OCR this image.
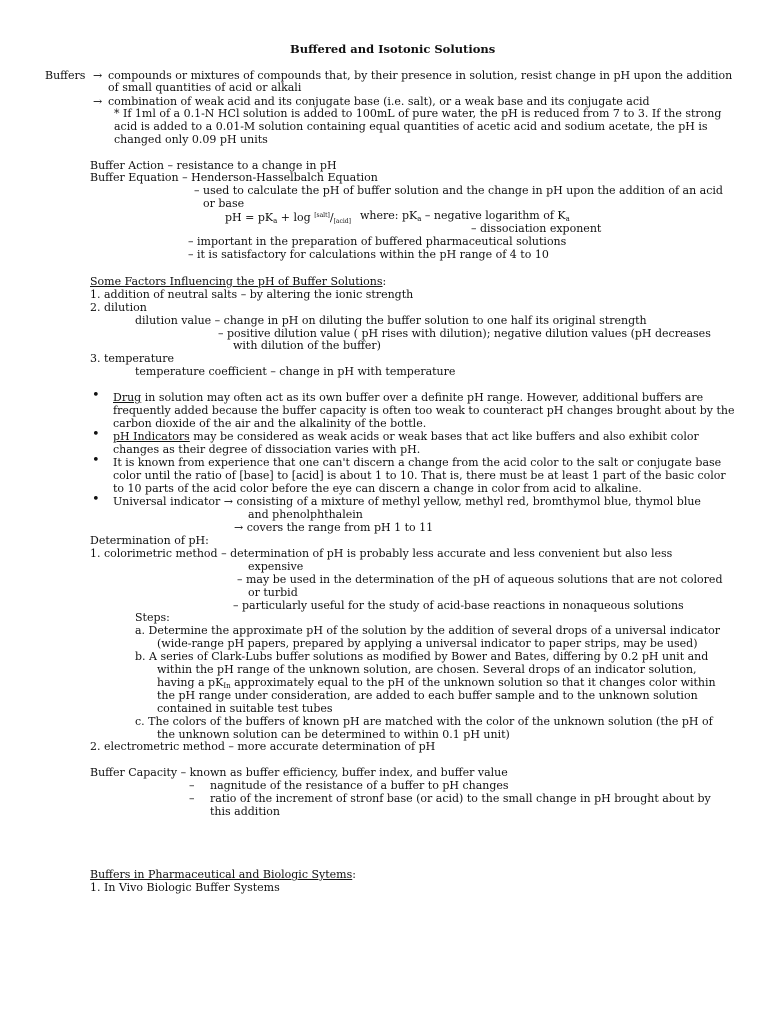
Buffered and Isotonic Solutions
Buffers → compounds or mixtures of compounds that, by their presence in solution, resist change in pH upon the addition
of small quantities of acid or alkali
→ combination of weak acid and its conjugate base (i.e. salt), or a weak base and its conjugate acid
* If 1ml of a 0.1-N HCl solution is added to 100mL of pure water, the pH is reduced from 7 to 3. If the strong
acid is added to a 0.01-M solution containing equal quantities of acetic acid and sodium acetate, the pH is
changed only 0.09 pH units
Buffer Action – resistance to a change in pH
Buffer Equation – Henderson-Hasselbalch Equation
– used to calculate the pH of buffer solution and the change in pH upon the addition of an acid
or base
pH = $pK_a + \log [salt]/_{[acid]}$ where: $pK_a$ – negative logarithm of $K_a$
– dissociation exponent
– important in the preparation of buffered pharmaceutical solutions
– it is satisfactory for calculations within the pH range of 4 to 10
Some Factors Influencing the pH of Buffer Solutions:
1. addition of neutral salts – by altering the ionic strength
2. dilution
dilution value – change in pH on diluting the buffer solution to one half its original strength
– positive dilution value ( pH rises with dilution); negative dilution values (pH decreases
with dilution of the buffer)
3. temperature
temperature coefficient – change in pH with temperature
• Drug in solution may often act as its own buffer over a definite pH range. However, additional buffers are
frequently added because the buffer capacity is often too weak to counteract pH changes brought about by the
carbon dioxide of the air and the alkalinity of the bottle.
• pH Indicators may be considered as weak acids or weak bases that act like buffers and also exhibit color
changes as their degree of dissociation varies with pH.
• It is known from experience that one can't discern a change from the acid color to the salt or conjugate base
color until the ratio of [base] to [acid] is about 1 to 10. That is, there must be at least 1 part of the basic color
to 10 parts of the acid color before the eye can discern a change in color from acid to alkaline.
• Universal indicator → consisting of a mixture of methyl yellow, methyl red, bromthymol blue, thymol blue
and phenolphthalein
→ covers the range from pH 1 to 11
Determination of pH:
1. colorimetric method – determination of pH is probably less accurate and less convenient but also less
expensive
– may be used in the determination of the pH of aqueous solutions that are not colored
or turbid
– particularly useful for the study of acid-base reactions in nonaqueous solutions
Steps:
a. Determine the approximate pH of the solution by the addition of several drops of a universal indicator
(wide-range pH papers, prepared by applying a universal indicator to paper strips, may be used)
b. A series of Clark-Lubs buffer solutions as modified by Bower and Bates, differing by 0.2 pH unit and
within the pH range of the unknown solution, are chosen. Several drops of an indicator solution,
having a $pK_{In}$ approximately equal to the pH of the unknown solution so that it changes color within
the pH range under consideration, are added to each buffer sample and to the unknown solution
contained in suitable test tubes
c. The colors of the buffers of known pH are matched with the color of the unknown solution (the pH of
the unknown solution can be determined to within 0.1 pH unit)
2. electrometric method – more accurate determination of pH
Buffer Capacity – known as buffer efficiency, buffer index, and buffer value
– nagnitude of the resistance of a buffer to pH changes
– ratio of the increment of stronf base (or acid) to the small change in pH brought about by
this addition
Buffers in Pharmaceutical and Biologic Sytems:
1. In Vivo Biologic Buffer Systems
